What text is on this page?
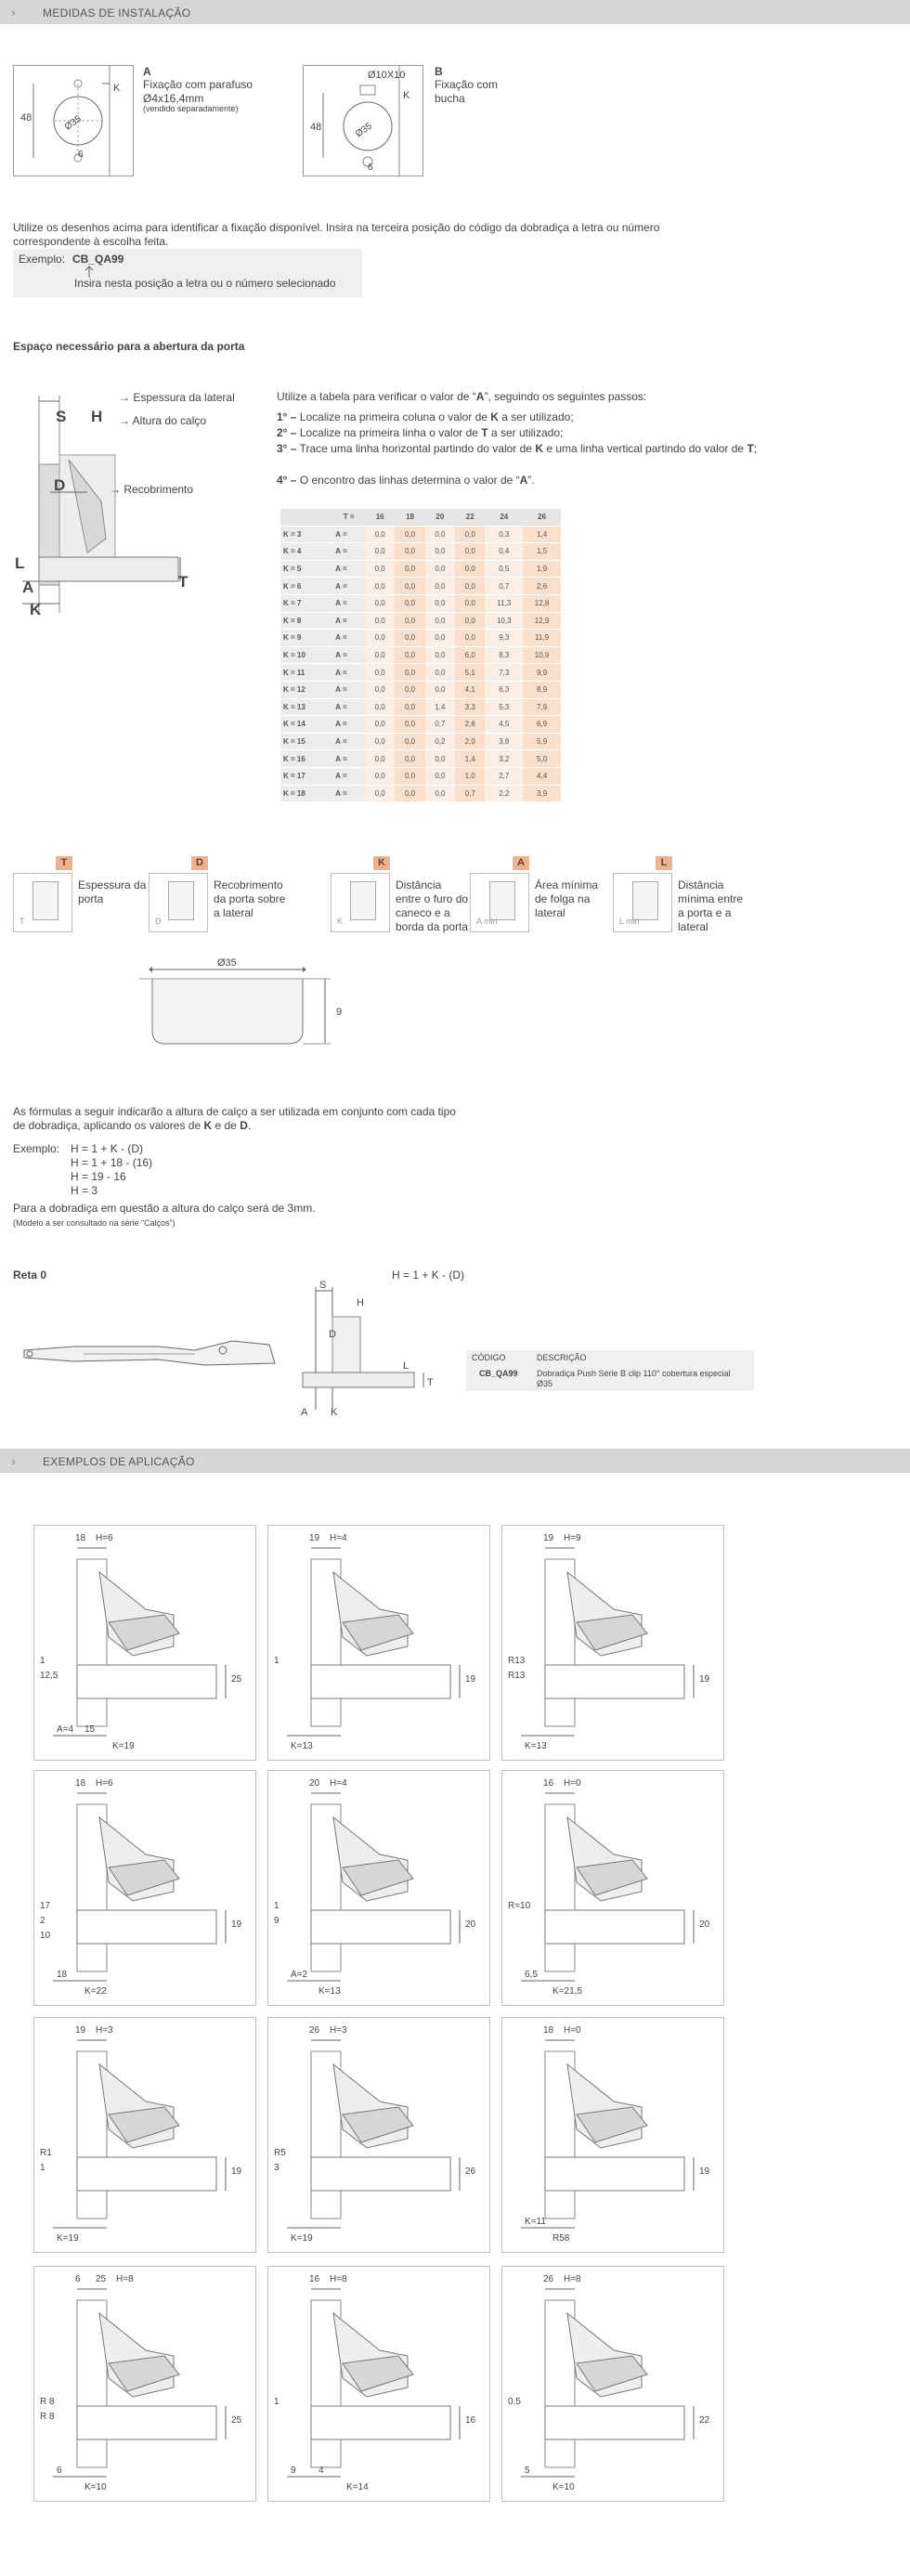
› MEDIDAS DE INSTALAÇÃO
48	Ø35
6
K
A
Fixação com parafuso Ø4x16,4mm
(vendido separadamente)
Ø10X10
48	Ø35
6
K
B
Fixação com bucha
Utilize os desenhos acima para identificar a fixação disponível. Insira na terceira posição do código da dobradiça a letra ou número correspondente à escolha feita.
Exemplo: CB_QA99
Insira nesta posição a letra ou o número selecionado
Espaço necessário para a abertura da porta
S H
D
L
A
K
T
→ Espessura da lateral
→ Altura do calço
→ Recobrimento
Utilize a tabela para verificar o valor de “A”, seguindo os seguintes passos:
1° – Localize na primeira coluna o valor de K a ser utilizado;
2° – Localize na primeira linha o valor de T a ser utilizado;
3° – Trace uma linha horizontal partindo do valor de K e uma linha vertical partindo do valor de T;
4° – O encontro das linhas determina o valor de “A”.
	T =	16	18	20	22	24	26
K = 3	A =	0,0	0,0	0,0	0,0	0,3	1,4
K = 4	A =	0,0	0,0	0,0	0,0	0,4	1,5
K = 5	A =	0,0	0,0	0,0	0,0	0,5	1,9
K = 6	A =	0,0	0,0	0,0	0,0	0,7	2,6
K = 7	A =	0,0	0,0	0,0	0,0	11,3	12,8
K = 8	A =	0,0	0,0	0,0	0,0	10,3	12,9
K = 9	A =	0,0	0,0	0,0	0,0	9,3	11,9
K = 10	A =	0,0	0,0	0,0	6,0	8,3	10,9
K = 11	A =	0,0	0,0	0,0	5,1	7,3	9,9
K = 12	A =	0,0	0,0	0,0	4,1	6,3	8,9
K = 13	A =	0,0	0,0	1,4	3,3	5,3	7,9
K = 14	A =	0,0	0,0	0,7	2,6	4,5	6,9
K = 15	A =	0,0	0,0	0,2	2,0	3,8	5,9
K = 16	A =	0,0	0,0	0,0	1,4	3,2	5,0
K = 17	A =	0,0	0,0	0,0	1,0	2,7	4,4
K = 18	A =	0,0	0,0	0,0	0,7	2,2	3,9
T
T
Espessura da porta
D
D
Recobrimento da porta sobre a lateral
K
K
Distância entre o furo do caneco e a borda da porta
A
A min
Área mínima de folga na lateral
L
L min
Distância mínima entre a porta e a lateral
Ø35
9
As fórmulas a seguir indicarão a altura de calço a ser utilizada em conjunto com cada tipo de dobradiça, aplicando os valores de K e de D.
Exemplo: H = 1 + K - (D)
H = 1 + 18 - (16)
H = 19 - 16
H = 3
Para a dobradiça em questão a altura do calço será de 3mm.
(Modelo a ser consultado na série “Calços”)
Reta 0	H = 1 + K - (D)
S
H
D
L
T
A K
CÓDIGO	DESCRIÇÃO
CB_QA99 Dobradiça Push Série B clip 110° cobertura especial Ø35
› EXEMPLOS DE APLICAÇÃO
18 H=6
25
1
12,5
A=4 15
K=19
19 H=4
19
1
K=13
19 H=9
19
R13
R13
K=13
18 H=6
19
17
2
10
18
K=22
20 H=4
20
1
9
A=2
K=13
16 H=0
20
R=10
6,5
K=21,5
19 H=3
19
R1
1
K=19
26 H=3
26
R5
3
K=19
18 H=0
19
K=11
R58
6 25 H=8
25
R 8
R 8
6
K=10
16 H=8
16
1
9 4
K=14
26 H=8
22
0.5
5
K=10
